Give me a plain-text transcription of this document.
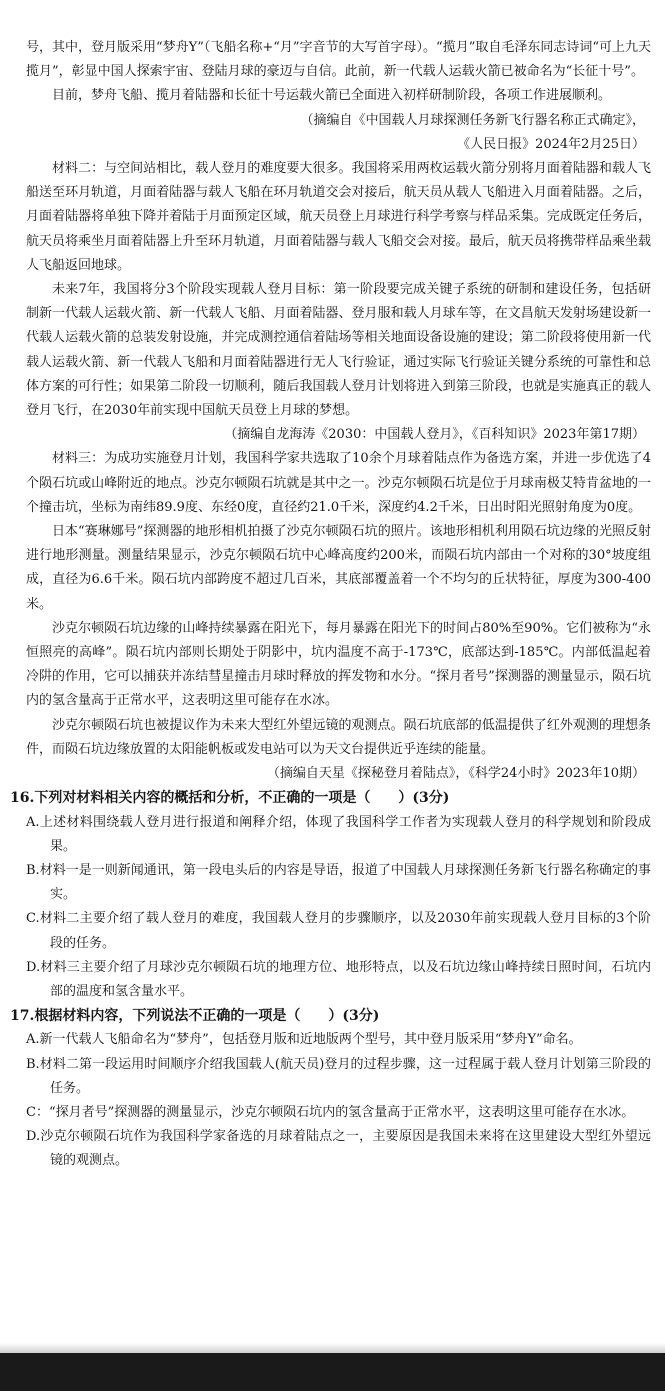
号，其中，登月版采用“梦舟Y”（飞船名称+“月”字音节的大写首字母）。“揽月”取自毛泽东同志诗词“可上九天揽月”，彰显中国人探索宇宙、登陆月球的豪迈与自信。此前，新一代载人运载火箭已被命名为“长征十号”。

目前，梦舟飞船、揽月着陆器和长征十号运载火箭已全面进入初样研制阶段，各项工作进展顺利。

（摘编自《中国载人月球探测任务新飞行器名称正式确定》，

《人民日报》2024年2月25日）

材料二：与空间站相比，载人登月的难度要大很多。我国将采用两枚运载火箭分别将月面着陆器和载人飞船送至环月轨道，月面着陆器与载人飞船在环月轨道交会对接后，航天员从载人飞船进入月面着陆器。之后，月面着陆器将单独下降并着陆于月面预定区域，航天员登上月球进行科学考察与样品采集。完成既定任务后，航天员将乘坐月面着陆器上升至环月轨道，月面着陆器与载人飞船交会对接。最后，航天员将携带样品乘坐载人飞船返回地球。

未来7年，我国将分3个阶段实现载人登月目标：第一阶段要完成关键子系统的研制和建设任务，包括研制新一代载人运载火箭、新一代载人飞船、月面着陆器、登月服和载人月球车等，在文昌航天发射场建设新一代载人运载火箭的总装发射设施，并完成测控通信着陆场等相关地面设备设施的建设；第二阶段将使用新一代载人运载火箭、新一代载人飞船和月面着陆器进行无人飞行验证，通过实际飞行验证关键分系统的可靠性和总体方案的可行性；如果第二阶段一切顺利，随后我国载人登月计划将进入到第三阶段，也就是实施真正的载人登月飞行，在2030年前实现中国航天员登上月球的梦想。

（摘编自龙海涛《2030：中国载人登月》，《百科知识》2023年第17期）

材料三：为成功实施登月计划，我国科学家共选取了10余个月球着陆点作为备选方案，并进一步优选了4个陨石坑或山峰附近的地点。沙克尔顿陨石坑就是其中之一。沙克尔顿陨石坑是位于月球南极艾特肯盆地的一个撞击坑，坐标为南纬89.9度、东经0度，直径约21.0千米，深度约4.2千米，日出时阳光照射角度为0度。

日本“赛琳娜号”探测器的地形相机拍摄了沙克尔顿陨石坑的照片。该地形相机利用陨石坑边缘的光照反射进行地形测量。测量结果显示，沙克尔顿陨石坑中心峰高度约200米，而陨石坑内部由一个对称的30°坡度组成，直径为6.6千米。陨石坑内部跨度不超过几百米，其底部覆盖着一个不均匀的丘状特征，厚度为300-400米。

沙克尔顿陨石坑边缘的山峰持续暴露在阳光下，每月暴露在阳光下的时间占80%至90%。它们被称为“永恒照亮的高峰”。陨石坑内部则长期处于阴影中，坑内温度不高于-173℃，底部达到-185℃。内部低温起着冷阱的作用，它可以捕获并冻结彗星撞击月球时释放的挥发物和水分。“探月者号”探测器的测量显示，陨石坑内的氢含量高于正常水平，这表明这里可能存在水冰。

沙克尔顿陨石坑也被提议作为未来大型红外望远镜的观测点。陨石坑底部的低温提供了红外观测的理想条件，而陨石坑边缘放置的太阳能帆板或发电站可以为天文台提供近乎连续的能量。

（摘编自天星《探秘登月着陆点》，《科学24小时》2023年10期）

16.下列对材料相关内容的概括和分析，不正确的一项是（　　）(3分)

A.上述材料围绕载人登月进行报道和阐释介绍，体现了我国科学工作者为实现载人登月的科学规划和阶段成果。

B.材料一是一则新闻通讯，第一段电头后的内容是导语，报道了中国载人月球探测任务新飞行器名称确定的事实。

C.材料二主要介绍了载人登月的难度，我国载人登月的步骤顺序，以及2030年前实现载人登月目标的3个阶段的任务。

D.材料三主要介绍了月球沙克尔顿陨石坑的地理方位、地形特点，以及石坑边缘山峰持续日照时间，石坑内部的温度和氢含量水平。

17.根据材料内容，下列说法不正确的一项是（　　）(3分)

A.新一代载人飞船命名为“梦舟”，包括登月版和近地版两个型号，其中登月版采用“梦舟Y”命名。

B.材料二第一段运用时间顺序介绍我国载人(航天员)登月的过程步骤，这一过程属于载人登月计划第三阶段的任务。

C：“探月者号”探测器的测量显示，沙克尔顿陨石坑内的氢含量高于正常水平，这表明这里可能存在水冰。

D.沙克尔顿陨石坑作为我国科学家备选的月球着陆点之一，主要原因是我国未来将在这里建设大型红外望远镜的观测点。
